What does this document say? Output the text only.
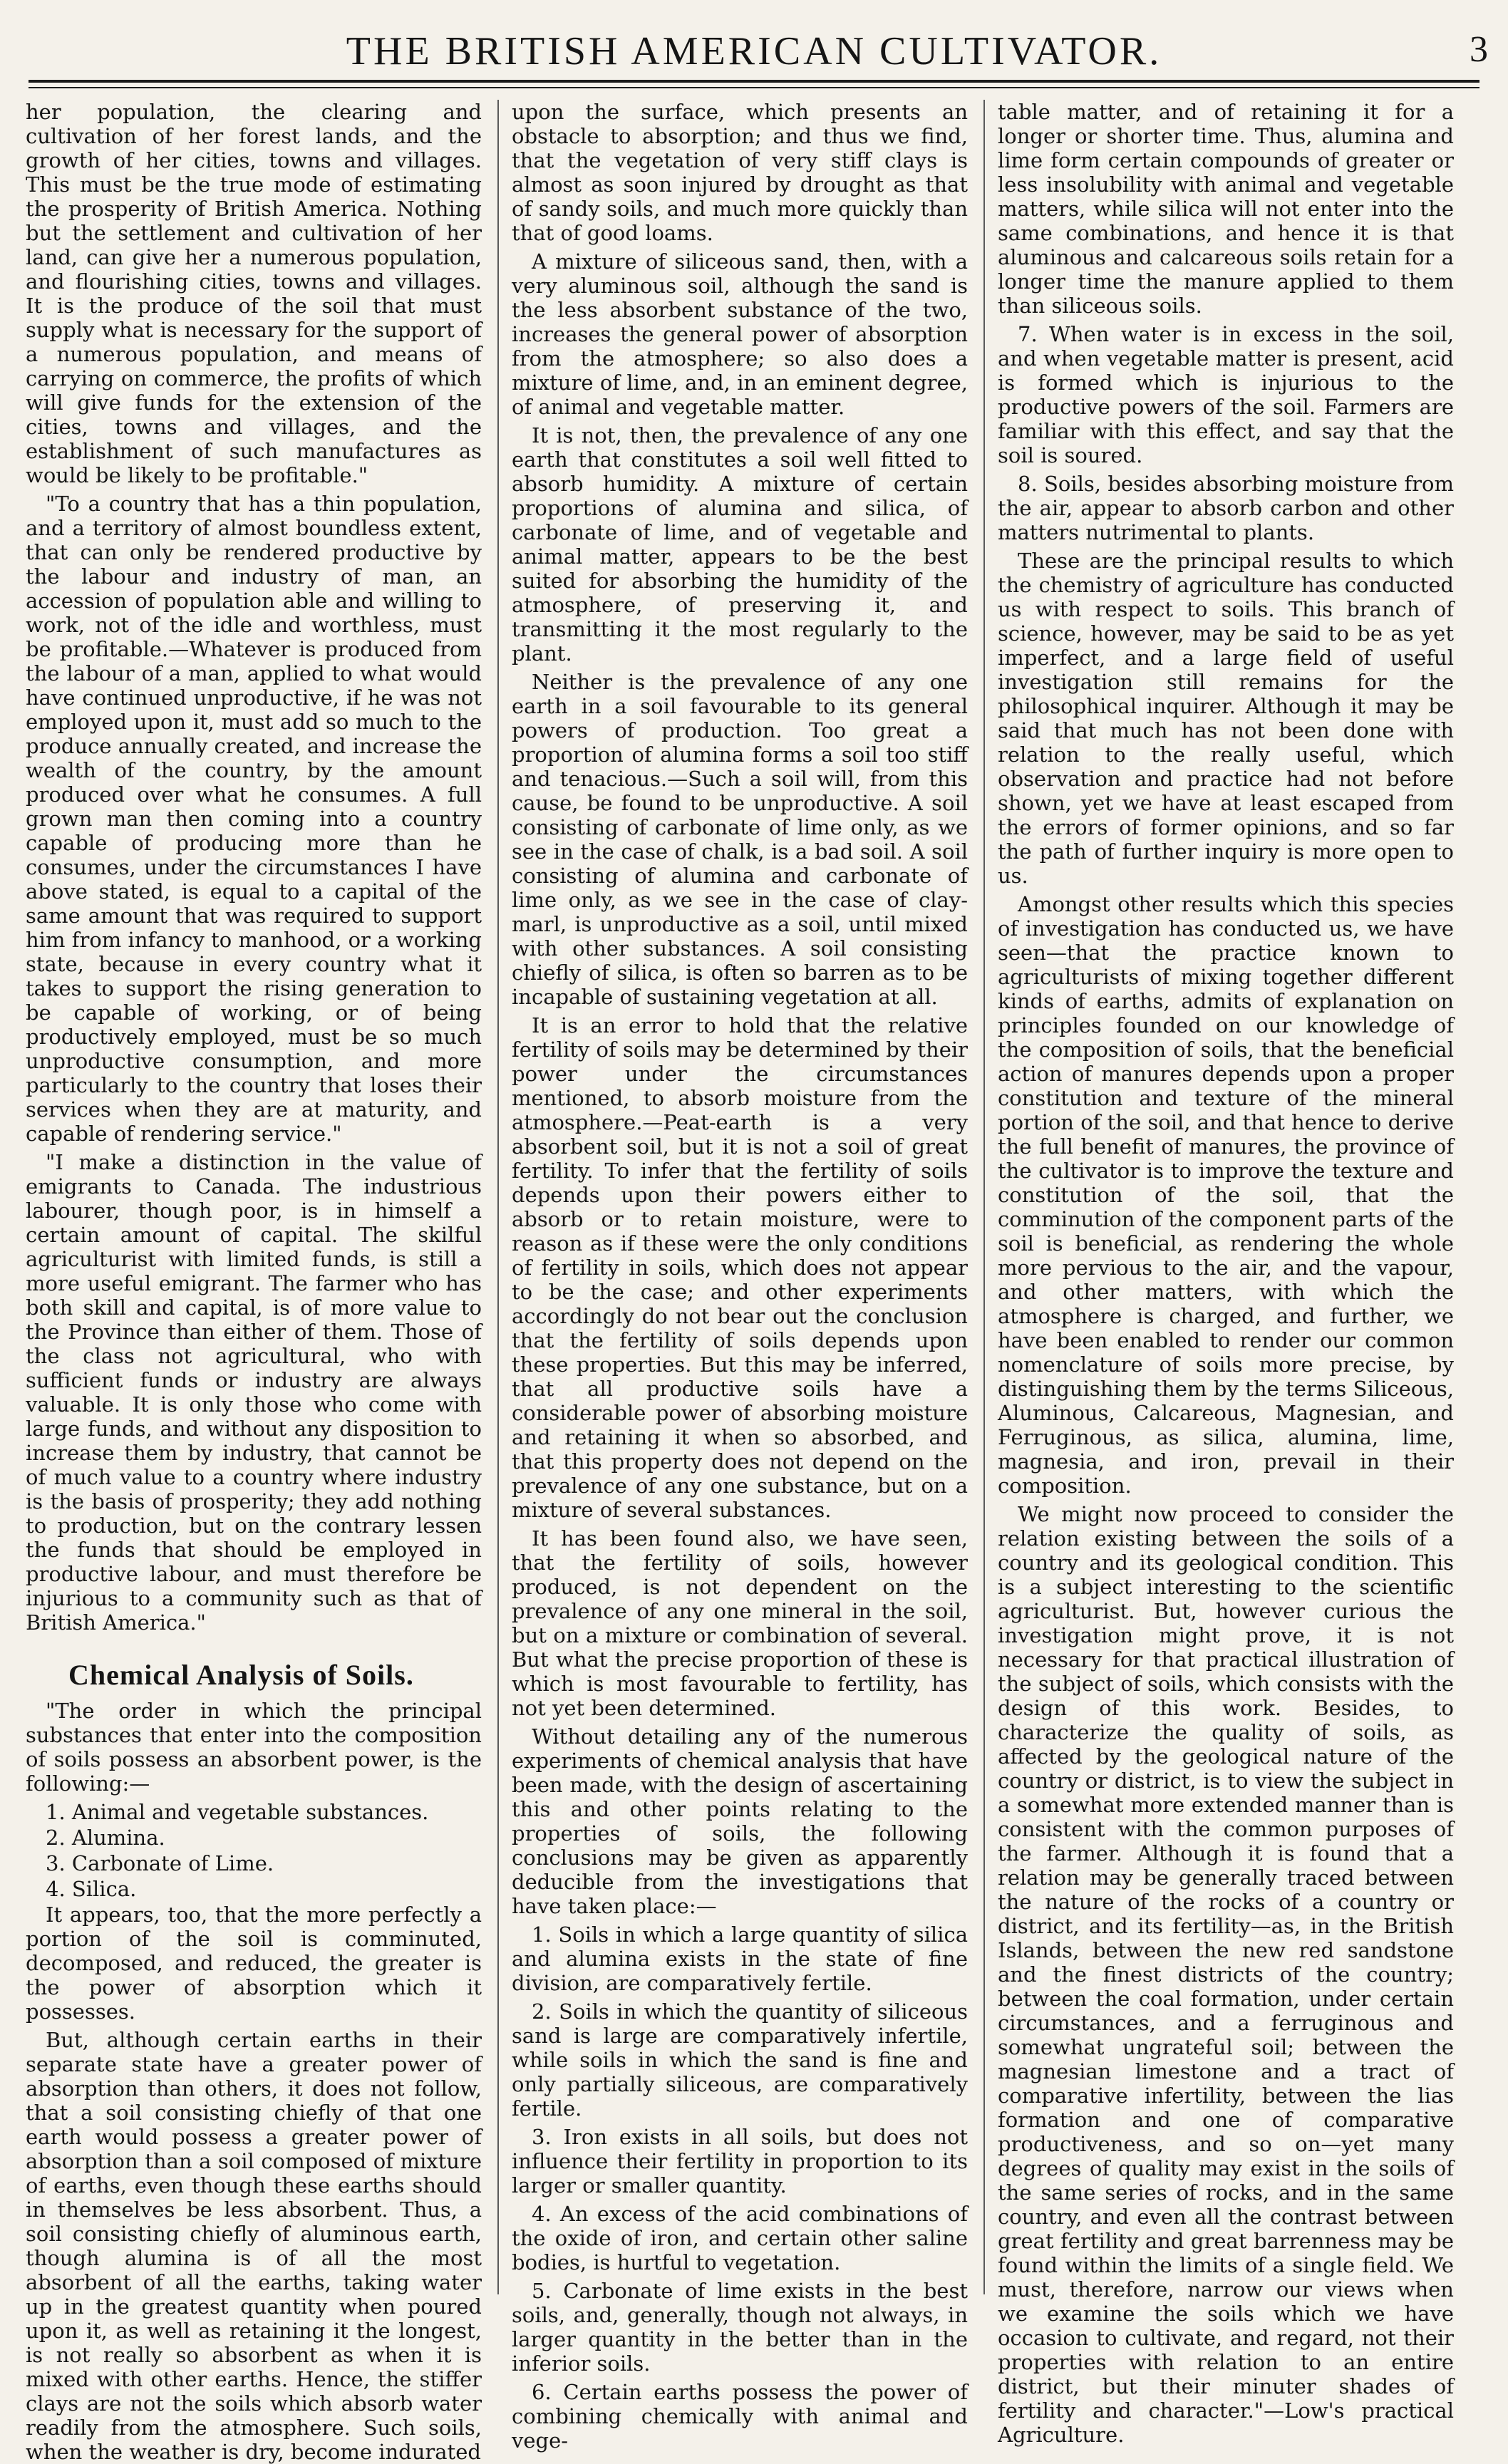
THE BRITISH AMERICAN CULTIVATOR.	3

her population, the clearing and cultivation of her forest lands, and the growth of her cities, towns and villages. This must be the true mode of estimating the prosperity of British America. Nothing but the settlement and cultivation of her land, can give her a numerous population, and flourishing cities, towns and villages. It is the produce of the soil that must supply what is necessary for the support of a numerous population, and means of carrying on commerce, the profits of which will give funds for the extension of the cities, towns and villages, and the establishment of such manufactures as would be likely to be profitable."

"To a country that has a thin population, and a territory of almost boundless extent, that can only be rendered productive by the labour and industry of man, an accession of population able and willing to work, not of the idle and worthless, must be profitable.—Whatever is produced from the labour of a man, applied to what would have continued unproductive, if he was not employed upon it, must add so much to the produce annually created, and increase the wealth of the country, by the amount produced over what he consumes. A full grown man then coming into a country capable of producing more than he consumes, under the circumstances I have above stated, is equal to a capital of the same amount that was required to support him from infancy to manhood, or a working state, because in every country what it takes to support the rising generation to be capable of working, or of being productively employed, must be so much unproductive consumption, and more particularly to the country that loses their services when they are at maturity, and capable of rendering service."

"I make a distinction in the value of emigrants to Canada. The industrious labourer, though poor, is in himself a certain amount of capital. The skilful agriculturist with limited funds, is still a more useful emigrant. The farmer who has both skill and capital, is of more value to the Province than either of them. Those of the class not agricultural, who with sufficient funds or industry are always valuable. It is only those who come with large funds, and without any disposition to increase them by industry, that cannot be of much value to a country where industry is the basis of prosperity; they add nothing to production, but on the contrary lessen the funds that should be employed in productive labour, and must therefore be injurious to a community such as that of British America."

Chemical Analysis of Soils.

"The order in which the principal substances that enter into the composition of soils possess an absorbent power, is the following:—

1. Animal and vegetable substances.
2. Alumina.
3. Carbonate of Lime.
4. Silica.

It appears, too, that the more perfectly a portion of the soil is comminuted, decomposed, and reduced, the greater is the power of absorption which it possesses.

But, although certain earths in their separate state have a greater power of absorption than others, it does not follow, that a soil consisting chiefly of that one earth would possess a greater power of absorption than a soil composed of mixture of earths, even though these earths should in themselves be less absorbent. Thus, a soil consisting chiefly of aluminous earth, though alumina is of all the most absorbent of all the earths, taking water up in the greatest quantity when poured upon it, as well as retaining it the longest, is not really so absorbent as when it is mixed with other earths. Hence, the stiffer clays are not the soils which absorb water readily from the atmosphere. Such soils, when the weather is dry, become indurated

upon the surface, which presents an obstacle to absorption; and thus we find, that the vegetation of very stiff clays is almost as soon injured by drought as that of sandy soils, and much more quickly than that of good loams.

A mixture of siliceous sand, then, with a very aluminous soil, although the sand is the less absorbent substance of the two, increases the general power of absorption from the atmosphere; so also does a mixture of lime, and, in an eminent degree, of animal and vegetable matter.

It is not, then, the prevalence of any one earth that constitutes a soil well fitted to absorb humidity. A mixture of certain proportions of alumina and silica, of carbonate of lime, and of vegetable and animal matter, appears to be the best suited for absorbing the humidity of the atmosphere, of preserving it, and transmitting it the most regularly to the plant.

Neither is the prevalence of any one earth in a soil favourable to its general powers of production. Too great a proportion of alumina forms a soil too stiff and tenacious.—Such a soil will, from this cause, be found to be unproductive. A soil consisting of carbonate of lime only, as we see in the case of chalk, is a bad soil. A soil consisting of alumina and carbonate of lime only, as we see in the case of clay-marl, is unproductive as a soil, until mixed with other substances. A soil consisting chiefly of silica, is often so barren as to be incapable of sustaining vegetation at all.

It is an error to hold that the relative fertility of soils may be determined by their power under the circumstances mentioned, to absorb moisture from the atmosphere.—Peat-earth is a very absorbent soil, but it is not a soil of great fertility. To infer that the fertility of soils depends upon their powers either to absorb or to retain moisture, were to reason as if these were the only conditions of fertility in soils, which does not appear to be the case; and other experiments accordingly do not bear out the conclusion that the fertility of soils depends upon these properties. But this may be inferred, that all productive soils have a considerable power of absorbing moisture and retaining it when so absorbed, and that this property does not depend on the prevalence of any one substance, but on a mixture of several substances.

It has been found also, we have seen, that the fertility of soils, however produced, is not dependent on the prevalence of any one mineral in the soil, but on a mixture or combination of several. But what the precise proportion of these is which is most favourable to fertility, has not yet been determined.

Without detailing any of the numerous experiments of chemical analysis that have been made, with the design of ascertaining this and other points relating to the properties of soils, the following conclusions may be given as apparently deducible from the investigations that have taken place:—

1. Soils in which a large quantity of silica and alumina exists in the state of fine division, are comparatively fertile.

2. Soils in which the quantity of siliceous sand is large are comparatively infertile, while soils in which the sand is fine and only partially siliceous, are comparatively fertile.

3. Iron exists in all soils, but does not influence their fertility in proportion to its larger or smaller quantity.

4. An excess of the acid combinations of the oxide of iron, and certain other saline bodies, is hurtful to vegetation.

5. Carbonate of lime exists in the best soils, and, generally, though not always, in larger quantity in the better than in the inferior soils.

6. Certain earths possess the power of combining chemically with animal and vege-

table matter, and of retaining it for a longer or shorter time. Thus, alumina and lime form certain compounds of greater or less insolubility with animal and vegetable matters, while silica will not enter into the same combinations, and hence it is that aluminous and calcareous soils retain for a longer time the manure applied to them than siliceous soils.

7. When water is in excess in the soil, and when vegetable matter is present, acid is formed which is injurious to the productive powers of the soil. Farmers are familiar with this effect, and say that the soil is soured.

8. Soils, besides absorbing moisture from the air, appear to absorb carbon and other matters nutrimental to plants.

These are the principal results to which the chemistry of agriculture has conducted us with respect to soils. This branch of science, however, may be said to be as yet imperfect, and a large field of useful investigation still remains for the philosophical inquirer. Although it may be said that much has not been done with relation to the really useful, which observation and practice had not before shown, yet we have at least escaped from the errors of former opinions, and so far the path of further inquiry is more open to us.

Amongst other results which this species of investigation has conducted us, we have seen—that the practice known to agriculturists of mixing together different kinds of earths, admits of explanation on principles founded on our knowledge of the composition of soils, that the beneficial action of manures depends upon a proper constitution and texture of the mineral portion of the soil, and that hence to derive the full benefit of manures, the province of the cultivator is to improve the texture and constitution of the soil, that the comminution of the component parts of the soil is beneficial, as rendering the whole more pervious to the air, and the vapour, and other matters, with which the atmosphere is charged, and further, we have been enabled to render our common nomenclature of soils more precise, by distinguishing them by the terms Siliceous, Aluminous, Calcareous, Magnesian, and Ferruginous, as silica, alumina, lime, magnesia, and iron, prevail in their composition.

We might now proceed to consider the relation existing between the soils of a country and its geological condition. This is a subject interesting to the scientific agriculturist. But, however curious the investigation might prove, it is not necessary for that practical illustration of the subject of soils, which consists with the design of this work. Besides, to characterize the quality of soils, as affected by the geological nature of the country or district, is to view the subject in a somewhat more extended manner than is consistent with the common purposes of the farmer. Although it is found that a relation may be generally traced between the nature of the rocks of a country or district, and its fertility—as, in the British Islands, between the new red sandstone and the finest districts of the country; between the coal formation, under certain circumstances, and a ferruginous and somewhat ungrateful soil; between the magnesian limestone and a tract of comparative infertility, between the lias formation and one of comparative productiveness, and so on—yet many degrees of quality may exist in the soils of the same series of rocks, and in the same country, and even all the contrast between great fertility and great barrenness may be found within the limits of a single field. We must, therefore, narrow our views when we examine the soils which we have occasion to cultivate, and regard, not their properties with relation to an entire district, but their minuter shades of fertility and character."—Low's practical Agriculture.
